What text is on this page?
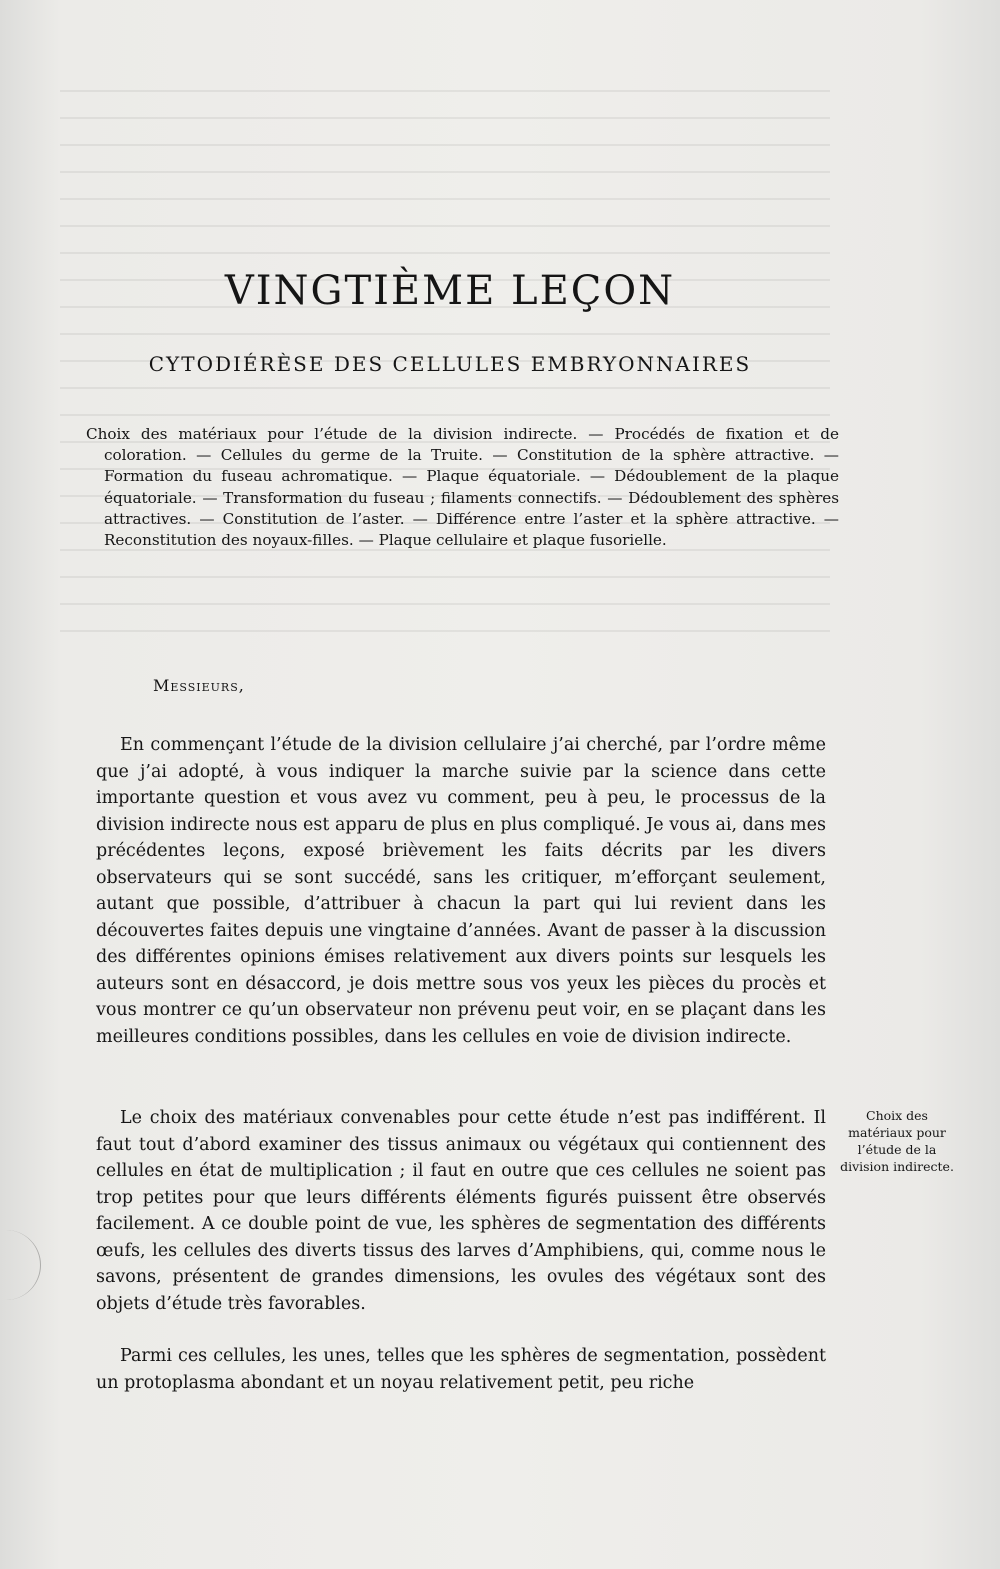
VINGTIÈME LEÇON
CYTODIÉRÈSE DES CELLULES EMBRYONNAIRES
Choix des matériaux pour l’étude de la division indirecte. — Procédés de fixation et de coloration. — Cellules du germe de la Truite. — Constitution de la sphère attractive. — Formation du fuseau achromatique. — Plaque équatoriale. — Dédoublement de la plaque équatoriale. — Transformation du fuseau ; filaments connectifs. — Dédoublement des sphères attractives. — Constitution de l’aster. — Différence entre l’aster et la sphère attractive. — Reconstitution des noyaux-filles. — Plaque cellulaire et plaque fusorielle.
Messieurs,

En commençant l’étude de la division cellulaire j’ai cherché, par l’ordre même que j’ai adopté, à vous indiquer la marche suivie par la science dans cette importante question et vous avez vu comment, peu à peu, le processus de la division indirecte nous est apparu de plus en plus compliqué. Je vous ai, dans mes précédentes leçons, exposé brièvement les faits décrits par les divers observateurs qui se sont succédé, sans les critiquer, m’efforçant seulement, autant que possible, d’attribuer à chacun la part qui lui revient dans les découvertes faites depuis une vingtaine d’années. Avant de passer à la discussion des différentes opinions émises relativement aux divers points sur lesquels les auteurs sont en désaccord, je dois mettre sous vos yeux les pièces du procès et vous montrer ce qu’un observateur non prévenu peut voir, en se plaçant dans les meilleures conditions possibles, dans les cellules en voie de division indirecte.

Le choix des matériaux convenables pour cette étude n’est pas indifférent. Il faut tout d’abord examiner des tissus animaux ou végétaux qui contiennent des cellules en état de multiplication ; il faut en outre que ces cellules ne soient pas trop petites pour que leurs différents éléments figurés puissent être observés facilement. A ce double point de vue, les sphères de segmentation des différents œufs, les cellules des diverts tissus des larves d’Amphibiens, qui, comme nous le savons, présentent de grandes dimensions, les ovules des végétaux sont des objets d’étude très favorables.

Parmi ces cellules, les unes, telles que les sphères de segmentation, possèdent un protoplasma abondant et un noyau relativement petit, peu riche

Choix des matériaux pour l’étude de la division indirecte.
